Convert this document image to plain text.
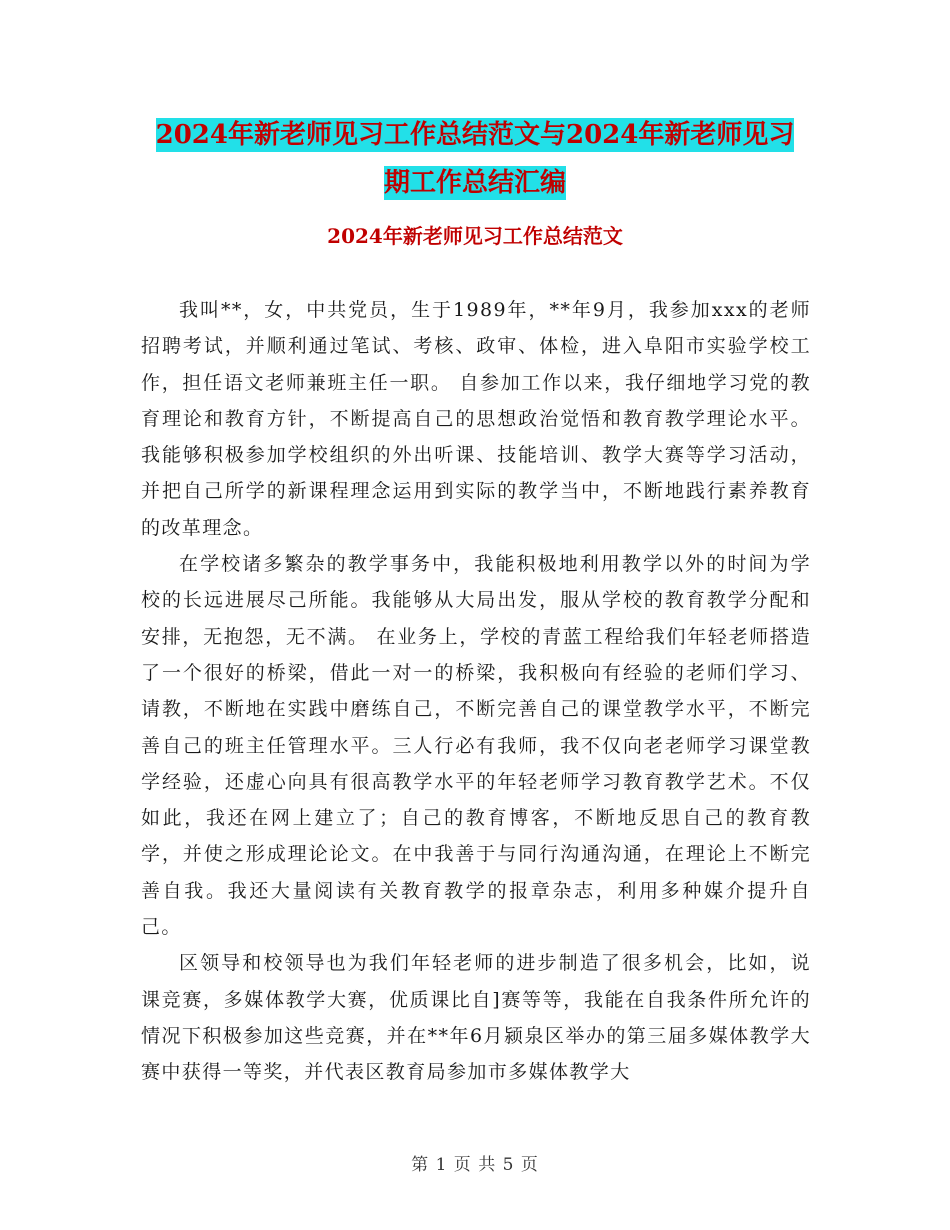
2024年新老师见习工作总结范文与2024年新老师见习
期工作总结汇编
2024年新老师见习工作总结范文

我叫**，女，中共党员，生于1989年，**年9月，我参加xxx的老师招聘考试，并顺利通过笔试、考核、政审、体检，进入阜阳市实验学校工作，担任语文老师兼班主任一职。 自参加工作以来，我仔细地学习党的教育理论和教育方针，不断提高自己的思想政治觉悟和教育教学理论水平。我能够积极参加学校组织的外出听课、技能培训、教学大赛等学习活动，并把自己所学的新课程理念运用到实际的教学当中，不断地践行素养教育的改革理念。

在学校诸多繁杂的教学事务中，我能积极地利用教学以外的时间为学校的长远进展尽己所能。我能够从大局出发，服从学校的教育教学分配和安排，无抱怨，无不满。 在业务上，学校的青蓝工程给我们年轻老师搭造了一个很好的桥梁，借此一对一的桥梁，我积极向有经验的老师们学习、请教，不断地在实践中磨练自己，不断完善自己的课堂教学水平，不断完善自己的班主任管理水平。三人行必有我师，我不仅向老老师学习课堂教学经验，还虚心向具有很高教学水平的年轻老师学习教育教学艺术。不仅如此，我还在网上建立了；自己的教育博客，不断地反思自己的教育教学，并使之形成理论论文。在中我善于与同行沟通沟通，在理论上不断完善自我。我还大量阅读有关教育教学的报章杂志，利用多种媒介提升自己。

区领导和校领导也为我们年轻老师的进步制造了很多机会，比如，说课竞赛，多媒体教学大赛，优质课比自]赛等等，我能在自我条件所允许的情况下积极参加这些竞赛，并在**年6月颍泉区举办的第三届多媒体教学大赛中获得一等奖，并代表区教育局参加市多媒体教学大

第 1 页 共 5 页
